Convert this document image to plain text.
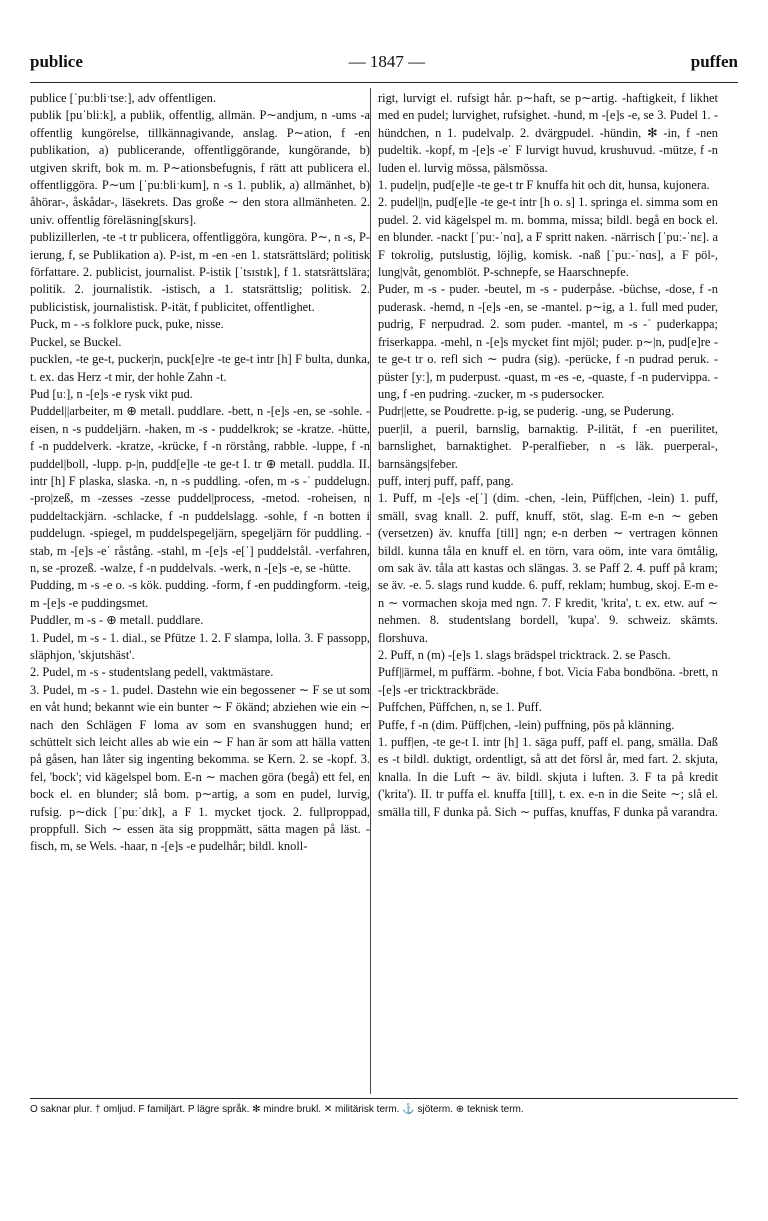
publice	— 1847 —	puffen

publice [ˈpuːbliˑtseː], adv offentligen.

publik [puˈbliːk], a publik, offentlig, allmän. P∼andjum, n -ums -a offentlig kungörelse, tillkännagivande, anslag. P∼ation, f -en publikation, a) publicerande, offentliggörande, kungörande, b) utgiven skrift, bok m. m. P∼ationsbefugnis, f rätt att publicera el. offentliggöra. P∼um [ˈpuːbliˑkum], n -s 1. publik, a) allmänhet, b) åhörar-, åskådar-, läsekrets. Das große ∼ den stora allmänheten. 2. univ. offentlig föreläsning[skurs].

publizillerlen, -te -t tr publicera, offentliggöra, kungöra. P∼, n -s, P-ierung, f, se Publikation a). P-ist, m -en -en 1. statsrättslärd; politisk författare. 2. publicist, journalist. P-istik [ˈtsɪstɪk], f 1. statsrättslära; politik. 2. journalistik. -istisch, a 1. statsrättslig; politisk. 2. publicistisk, journalistisk. P-ität, f publicitet, offentlighet.

Puck, m - -s folklore puck, puke, nisse.

Puckel, se Buckel.

pucklen, -te ge-t, pucker|n, puck[e]re -te ge-t intr [h] F bulta, dunka, t. ex. das Herz -t mir, der hohle Zahn -t.

Pud [uː], n -[e]s -e rysk vikt pud.

Puddel||arbeiter, m ⊕ metall. puddlare. -bett, n -[e]s -en, se -sohle. -eisen, n -s puddeljärn. -haken, m -s - puddelkrok; se -kratze. -hütte, f -n puddelverk. -kratze, -krücke, f -n rörstång, rabble. -luppe, f -n puddel|boll, -lupp. p-|n, pudd[e]le -te ge-t I. tr ⊕ metall. puddla. II. intr [h] F plaska, slaska. -n, n -s puddling. -ofen, m -s -ˈ puddelugn. -pro|zeß, m -zesses -zesse puddel|process, -metod. -roheisen, n puddeltackjärn. -schlacke, f -n puddelslagg. -sohle, f -n botten i puddelugn. -spiegel, m puddelspegeljärn, spegeljärn för puddling. -stab, m -[e]s -eˈ råstång. -stahl, m -[e]s -e[ˈ] puddelstål. -verfahren, n, se -prozeß. -walze, f -n puddelvals. -werk, n -[e]s -e, se -hütte.

Pudding, m -s -e o. -s kök. pudding. -form, f -en puddingform. -teig, m -[e]s -e puddingsmet.

Puddler, m -s - ⊕ metall. puddlare.

1. Pudel, m -s - 1. dial., se Pfütze 1. 2. F slampa, lolla. 3. F passopp, släphjon, 'skjutshäst'.

2. Pudel, m -s - studentslang pedell, vaktmästare.

3. Pudel, m -s - 1. pudel. Dastehn wie ein begossener ∼ F se ut som en våt hund; bekannt wie ein bunter ∼ F ökänd; abziehen wie ein ∼ nach den Schlägen F loma av som en svanshuggen hund; er schüttelt sich leicht alles ab wie ein ∼ F han är som att hälla vatten på gåsen, han låter sig ingenting bekomma. se Kern. 2. se -kopf. 3. fel, 'bock'; vid kägelspel bom. E-n ∼ machen göra (begå) ett fel, en bock el. en blunder; slå bom. p∼artig, a som en pudel, lurvig, rufsig. p∼dick [ˈpuːˈdɪk], a F 1. mycket tjock. 2. fullproppad, proppfull. Sich ∼ essen äta sig proppmätt, sätta magen på läst. -fisch, m, se Wels. -haar, n -[e]s -e pudelhår; bildl. knoll-

rigt, lurvigt el. rufsigt hår. p∼haft, se p∼artig. -haftigkeit, f likhet med en pudel; lurvighet, rufsighet. -hund, m -[e]s -e, se 3. Pudel 1. -hündchen, n 1. pudelvalp. 2. dvärgpudel. -hündin, ✻ -in, f -nen pudeltik. -kopf, m -[e]s -eˈ F lurvigt huvud, krushuvud. -mütze, f -n luden el. lurvig mössa, pälsmössa.

1. pudel|n, pud[e]le -te ge-t tr F knuffa hit och dit, hunsa, kujonera.

2. pudel||n, pud[e]le -te ge-t intr [h o. s] 1. springa el. simma som en pudel. 2. vid kägelspel m. m. bomma, missa; bildl. begå en bock el. en blunder. -nackt [ˈpuː-ˈnɑ], a F spritt naken. -närrisch [ˈpuː-ˈnɛ]. a F tokrolig, putslustig, löjlig, komisk. -naß [ˈpuː-ˈnɑs], a F pöl-, lung|våt, genomblöt. P-schnepfe, se Haarschnepfe.

Puder, m -s - puder. -beutel, m -s - puderpåse. -büchse, -dose, f -n puderask. -hemd, n -[e]s -en, se -mantel. p∼ig, a 1. full med puder, pudrig, F nerpudrad. 2. som puder. -mantel, m -s -ˈ puderkappa; friserkappa. -mehl, n -[e]s mycket fint mjöl; puder. p∼|n, pud[e]re -te ge-t tr o. refl sich ∼ pudra (sig). -perücke, f -n pudrad peruk. -püster [yː], m puderpust. -quast, m -es -e, -quaste, f -n pudervippa. -ung, f -en pudring. -zucker, m -s pudersocker.

Pudr||ette, se Poudrette. p-ig, se puderig. -ung, se Puderung.

puer|il, a pueril, barnslig, barnaktig. P-ilität, f -en puerilitet, barnslighet, barnaktighet. P-peralfieber, n -s läk. puerperal-, barnsängs|feber.

puff, interj puff, paff, pang.

1. Puff, m -[e]s -e[ˈ] (dim. -chen, -lein, Püff|chen, -lein) 1. puff, smäll, svag knall. 2. puff, knuff, stöt, slag. E-m e-n ∼ geben (versetzen) äv. knuffa [till] ngn; e-n derben ∼ vertragen können bildl. kunna tåla en knuff el. en törn, vara oöm, inte vara ömtålig, om sak äv. tåla att kastas och slängas. 3. se Paff 2. 4. puff på kram; se äv. -e. 5. slags rund kudde. 6. puff, reklam; humbug, skoj. E-m e-n ∼ vormachen skoja med ngn. 7. F kredit, 'krita', t. ex. etw. auf ∼ nehmen. 8. studentslang bordell, 'kupa'. 9. schweiz. skämts. florshuva.

2. Puff, n (m) -[e]s 1. slags brädspel tricktrack. 2. se Pasch.

Puff||ärmel, m puffärm. -bohne, f bot. Vicia Faba bondböna. -brett, n -[e]s -er tricktrackbräde.

Puffchen, Püffchen, n, se 1. Puff.

Puffe, f -n (dim. Püff|chen, -lein) puffning, pös på klänning.

1. puff|en, -te ge-t I. intr [h] 1. säga puff, paff el. pang, smälla. Daß es -t bildl. duktigt, ordentligt, så att det försl år, med fart. 2. skjuta, knalla. In die Luft ∼ äv. bildl. skjuta i luften. 3. F ta på kredit ('krita'). II. tr puffa el. knuffa [till], t. ex. e-n in die Seite ∼; slå el. smälla till, F dunka på. Sich ∼ puffas, knuffas, F dunka på varandra.

O saknar plur. † omljud. F familjärt. P lägre språk. ✻ mindre brukl. ✕ militärisk term. ⚓ sjöterm. ⊕ teknisk term.
